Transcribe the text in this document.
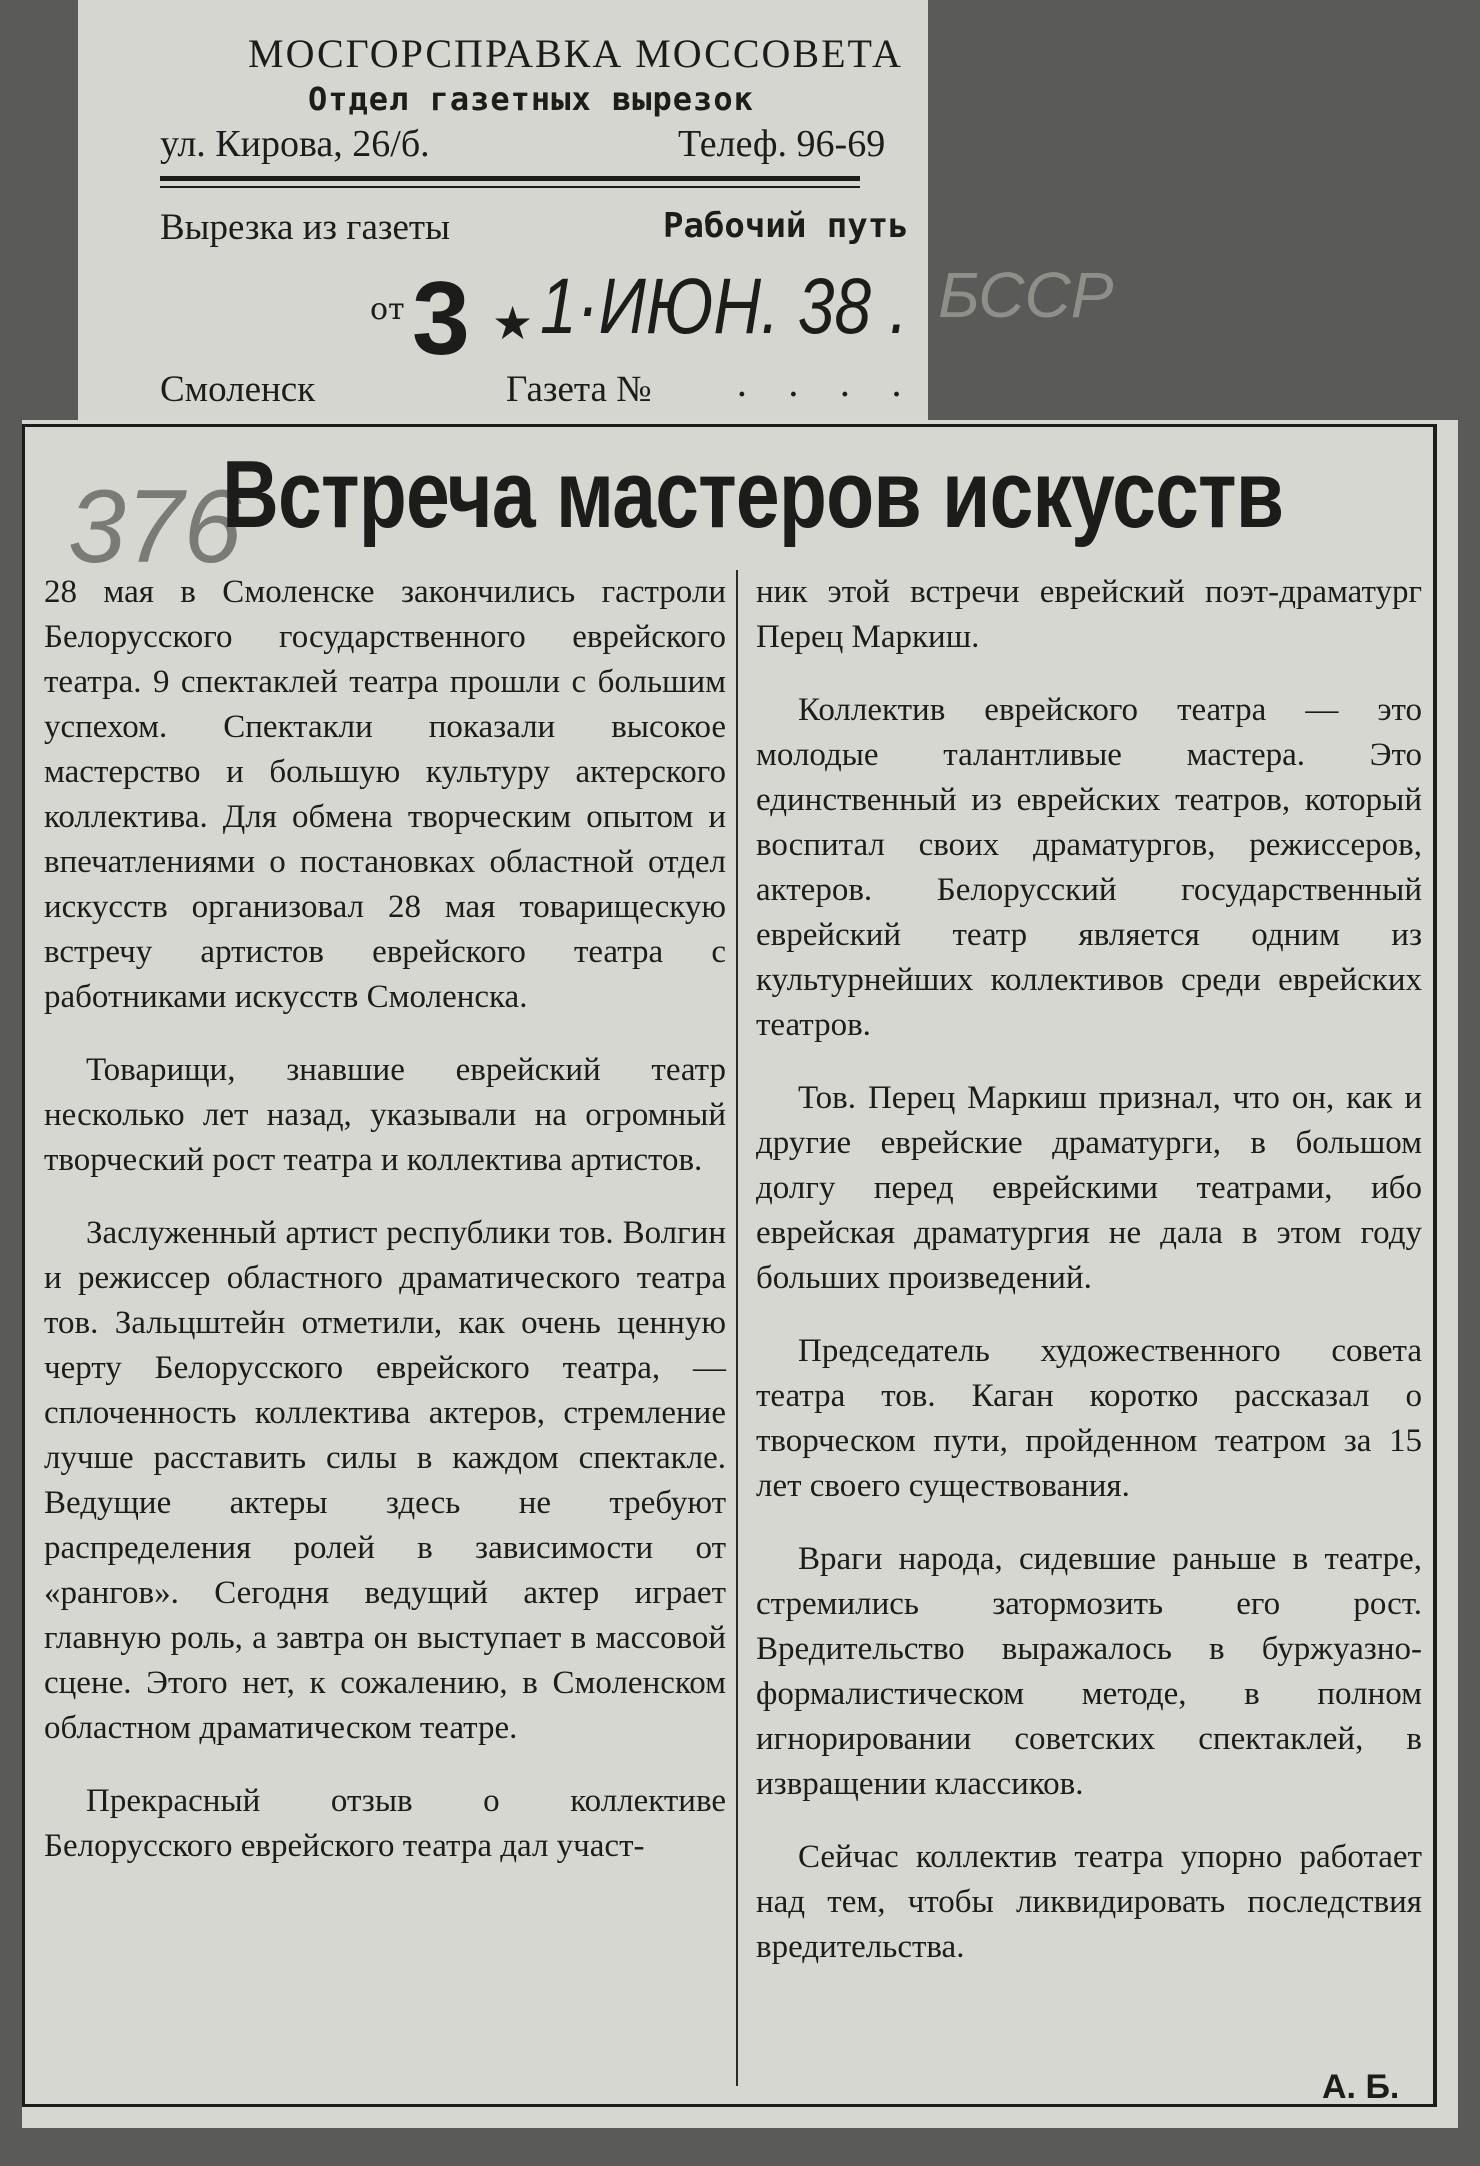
МОСГОРСПРАВКА МОССОВЕТА
Отдел газетных вырезок
ул. Кирова, 26/б.	Телеф. 96-69
Вырезка из газеты	Рабочий путь
от 3 ★ 1·ИЮН. 38 . БССР
Смоленск	Газета № . . . .
376
Встреча мастеров искусств

28 мая в Смоленске закончились гастроли Белорусского государственного еврейского театра. 9 спектаклей театра прошли с большим успехом. Спектакли показали высокое мастерство и большую культуру актерского коллектива. Для обмена творческим опытом и впечатлениями о постановках областной отдел искусств организовал 28 мая товарищескую встречу артистов еврейского театра с работниками искусств Смоленска.

Товарищи, знавшие еврейский театр несколько лет назад, указывали на огромный творческий рост театра и коллектива артистов.

Заслуженный артист республики тов. Волгин и режиссер областного драматического театра тов. Зальцштейн отметили, как очень ценную черту Белорусского еврейского театра, — сплоченность коллектива актеров, стремление лучше расставить силы в каждом спектакле. Ведущие актеры здесь не требуют распределения ролей в зависимости от «рангов». Сегодня ведущий актер играет главную роль, а завтра он выступает в массовой сцене. Этого нет, к сожалению, в Смоленском областном драматическом театре.

Прекрасный отзыв о коллективе Белорусского еврейского театра дал участ-

ник этой встречи еврейский поэт-драматург Перец Маркиш.

Коллектив еврейского театра — это молодые талантливые мастера. Это единственный из еврейских театров, который воспитал своих драматургов, режиссеров, актеров. Белорусский государственный еврейский театр является одним из культурнейших коллективов среди еврейских театров.

Тов. Перец Маркиш признал, что он, как и другие еврейские драматурги, в большом долгу перед еврейскими театрами, ибо еврейская драматургия не дала в этом году больших произведений.

Председатель художественного совета театра тов. Каган коротко рассказал о творческом пути, пройденном театром за 15 лет своего существования.

Враги народа, сидевшие раньше в театре, стремились затормозить его рост. Вредительство выражалось в буржуазно-формалистическом методе, в полном игнорировании советских спектаклей, в извращении классиков.

Сейчас коллектив театра упорно работает над тем, чтобы ликвидировать последствия вредительства.

А. Б.
